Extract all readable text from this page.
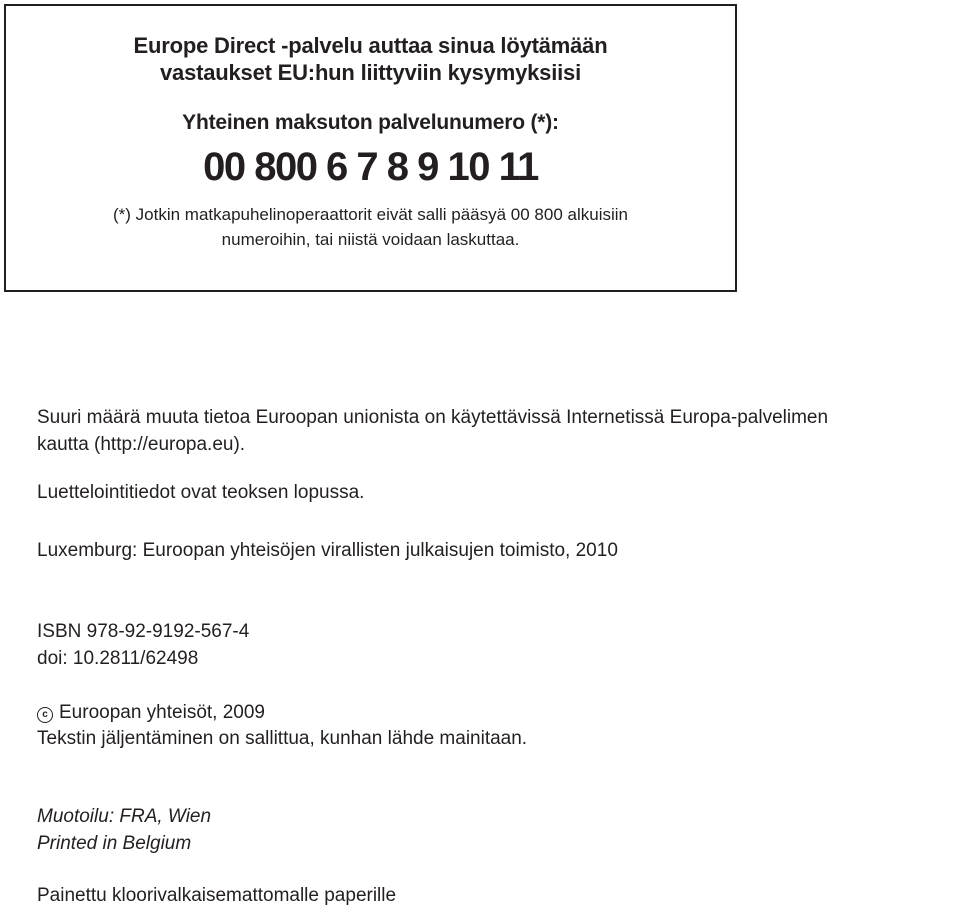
Europe Direct -palvelu auttaa sinua löytämään
vastaukset EU:hun liittyviin kysymyksiisi
Yhteinen maksuton palvelunumero (*):
00 800 6 7 8 9 10 11
(*) Jotkin matkapuhelinoperaattorit eivät salli pääsyä 00 800 alkuisiin
numeroihin, tai niistä voidaan laskuttaa.
Suuri määrä muuta tietoa Euroopan unionista on käytettävissä Internetissä Europa-palvelimen
kautta (http://europa.eu).
Luettelointitiedot ovat teoksen lopussa.
Luxemburg: Euroopan yhteisöjen virallisten julkaisujen toimisto, 2010
ISBN 978-92-9192-567-4
doi: 10.2811/62498
c Euroopan yhteisöt, 2009
Tekstin jäljentäminen on sallittua, kunhan lähde mainitaan.
Muotoilu: FRA, Wien
Printed in Belgium
Painettu kloorivalkaisemattomalle paperille
